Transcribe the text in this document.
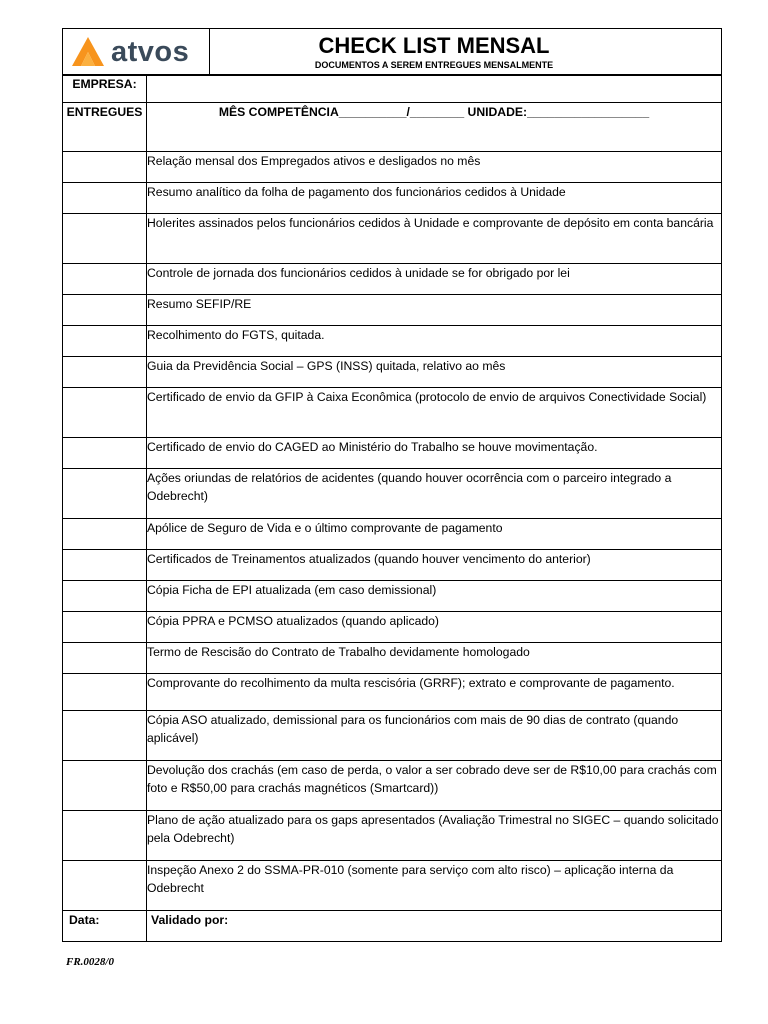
CHECK LIST MENSAL
DOCUMENTOS A SEREM ENTREGUES MENSALMENTE
atvos
EMPRESA:	
ENTREGUES	MÊS COMPETÊNCIA__________/________ UNIDADE:__________________
	Relação mensal dos Empregados ativos e desligados no mês
	Resumo analítico da folha de pagamento dos funcionários cedidos à Unidade
	Holerites assinados pelos funcionários cedidos à Unidade e comprovante de depósito em conta bancária
	Controle de jornada dos funcionários cedidos à unidade se for obrigado por lei
	Resumo SEFIP/RE
	Recolhimento do FGTS, quitada.
	Guia da Previdência Social – GPS (INSS) quitada, relativo ao mês
	Certificado de envio da GFIP à Caixa Econômica (protocolo de envio de arquivos Conectividade Social)
	Certificado de envio do CAGED ao Ministério do Trabalho se houve movimentação.
	Ações oriundas de relatórios de acidentes (quando houver ocorrência com o parceiro integrado a Odebrecht)
	Apólice de Seguro de Vida e o último comprovante de pagamento
	Certificados de Treinamentos atualizados (quando houver vencimento do anterior)
	Cópia Ficha de EPI atualizada (em caso demissional)
	Cópia PPRA e PCMSO atualizados (quando aplicado)
	Termo de Rescisão do Contrato de Trabalho devidamente homologado
	Comprovante do recolhimento da multa rescisória (GRRF); extrato e comprovante de pagamento.
	Cópia ASO atualizado, demissional para os funcionários com mais de 90 dias de contrato (quando aplicável)
	Devolução dos crachás (em caso de perda, o valor a ser cobrado deve ser de R$10,00 para crachás com foto e R$50,00 para crachás magnéticos (Smartcard))
	Plano de ação atualizado para os gaps apresentados (Avaliação Trimestral no SIGEC – quando solicitado pela Odebrecht)
	Inspeção Anexo 2 do SSMA-PR-010 (somente para serviço com alto risco) – aplicação interna da Odebrecht
Data:	Validado por:
FR.0028/0
